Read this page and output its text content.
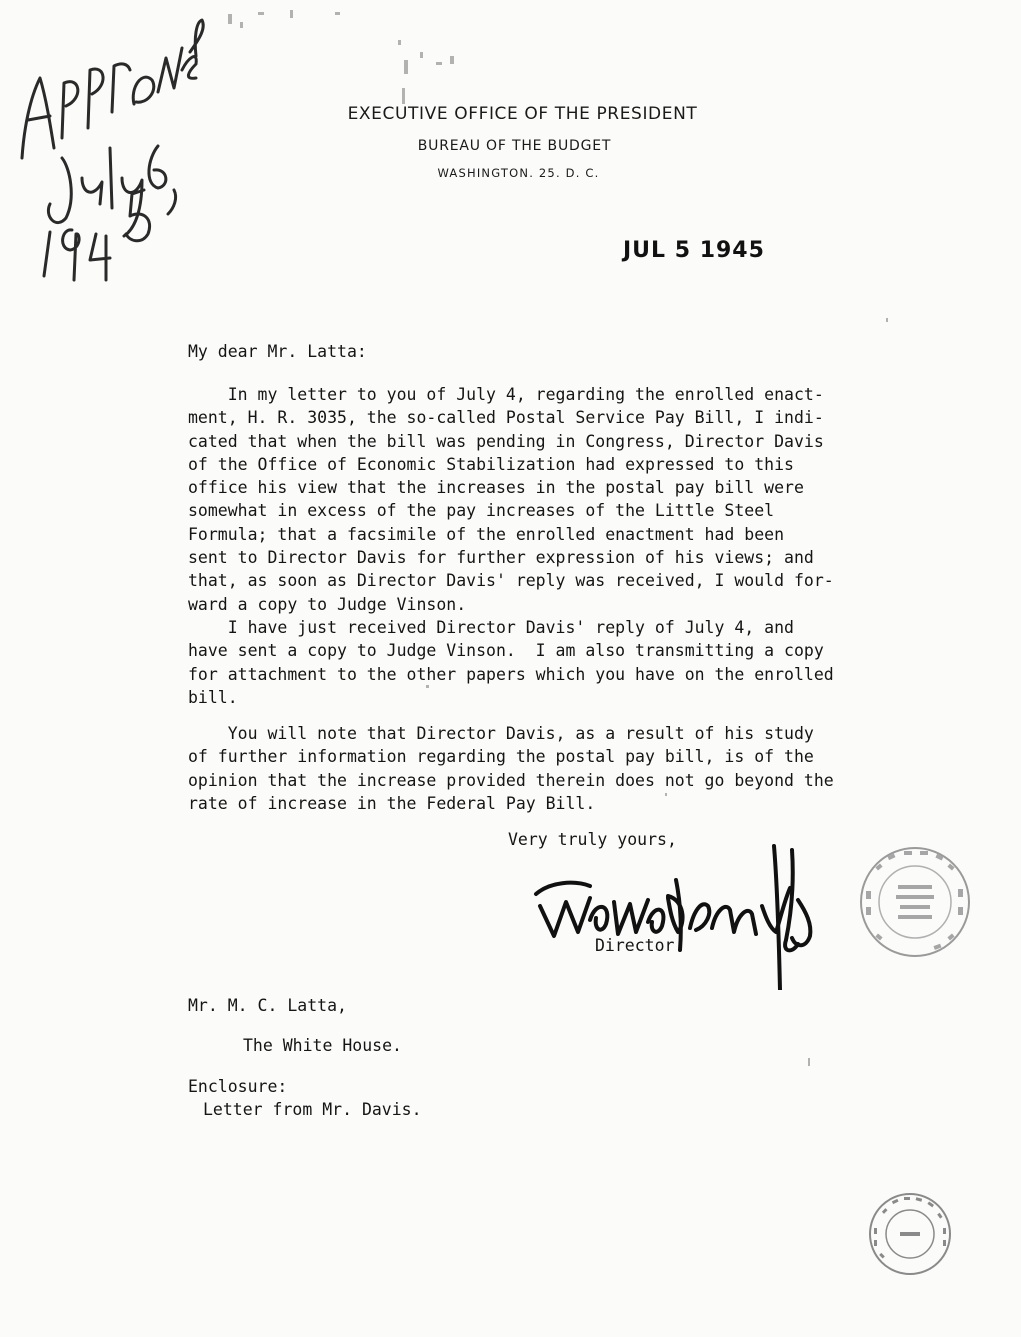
EXECUTIVE OFFICE OF THE PRESIDENT
BUREAU OF THE BUDGET
WASHINGTON. 25. D. C.
JUL 5 1945
My dear Mr. Latta:
In my letter to you of July 4, regarding the enrolled enact-
ment, H. R. 3035, the so-called Postal Service Pay Bill, I indi-
cated that when the bill was pending in Congress, Director Davis
of the Office of Economic Stabilization had expressed to this
office his view that the increases in the postal pay bill were
somewhat in excess of the pay increases of the Little Steel
Formula; that a facsimile of the enrolled enactment had been
sent to Director Davis for further expression of his views; and
that, as soon as Director Davis' reply was received, I would for-
ward a copy to Judge Vinson.
I have just received Director Davis' reply of July 4, and
have sent a copy to Judge Vinson.  I am also transmitting a copy
for attachment to the other papers which you have on the enrolled
bill.
You will note that Director Davis, as a result of his study
of further information regarding the postal pay bill, is of the
opinion that the increase provided therein does not go beyond the
rate of increase in the Federal Pay Bill.
Very truly yours,
Director.
Mr. M. C. Latta,
The White House.
Enclosure:
Letter from Mr. Davis.
